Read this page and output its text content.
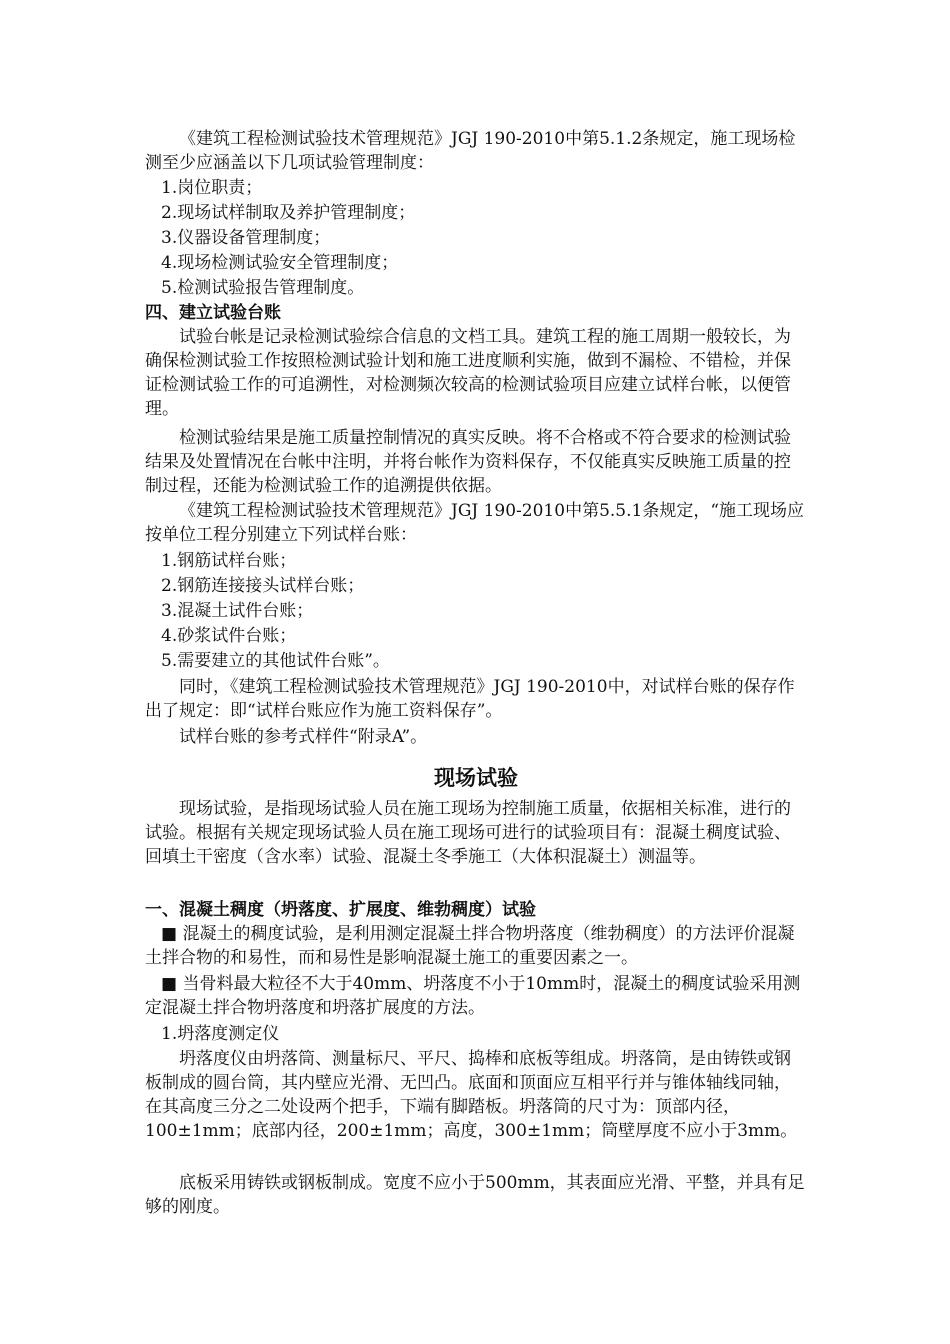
《建筑工程检测试验技术管理规范》JGJ 190-2010中第5.1.2条规定，施工现场检测至少应涵盖以下几项试验管理制度：
1.岗位职责；
2.现场试样制取及养护管理制度；
3.仪器设备管理制度；
4.现场检测试验安全管理制度；
5.检测试验报告管理制度。
四、建立试验台账
试验台帐是记录检测试验综合信息的文档工具。建筑工程的施工周期一般较长，为确保检测试验工作按照检测试验计划和施工进度顺利实施，做到不漏检、不错检，并保证检测试验工作的可追溯性，对检测频次较高的检测试验项目应建立试样台帐，以便管理。
检测试验结果是施工质量控制情况的真实反映。将不合格或不符合要求的检测试验结果及处置情况在台帐中注明，并将台帐作为资料保存，不仅能真实反映施工质量的控制过程，还能为检测试验工作的追溯提供依据。
《建筑工程检测试验技术管理规范》JGJ 190-2010中第5.5.1条规定，“施工现场应按单位工程分别建立下列试样台账：
1.钢筋试样台账；
2.钢筋连接接头试样台账；
3.混凝土试件台账；
4.砂浆试件台账；
5.需要建立的其他试件台账”。
同时，《建筑工程检测试验技术管理规范》JGJ 190-2010中，对试样台账的保存作出了规定：即“试样台账应作为施工资料保存”。
试样台账的参考式样件“附录A”。
现场试验
现场试验，是指现场试验人员在施工现场为控制施工质量，依据相关标准，进行的试验。根据有关规定现场试验人员在施工现场可进行的试验项目有：混凝土稠度试验、回填土干密度（含水率）试验、混凝土冬季施工（大体积混凝土）测温等。
一、混凝土稠度（坍落度、扩展度、维勃稠度）试验
■ 混凝土的稠度试验，是利用测定混凝土拌合物坍落度（维勃稠度）的方法评价混凝土拌合物的和易性，而和易性是影响混凝土施工的重要因素之一。
■ 当骨料最大粒径不大于40mm、坍落度不小于10mm时，混凝土的稠度试验采用测定混凝土拌合物坍落度和坍落扩展度的方法。
1.坍落度测定仪
坍落度仪由坍落筒、测量标尺、平尺、捣棒和底板等组成。坍落筒，是由铸铁或钢板制成的圆台筒，其内壁应光滑、无凹凸。底面和顶面应互相平行并与锥体轴线同轴，在其高度三分之二处设两个把手，下端有脚踏板。坍落筒的尺寸为：顶部内径，100±1mm；底部内径，200±1mm；高度，300±1mm；筒壁厚度不应小于3mm。
底板采用铸铁或钢板制成。宽度不应小于500mm，其表面应光滑、平整，并具有足够的刚度。
